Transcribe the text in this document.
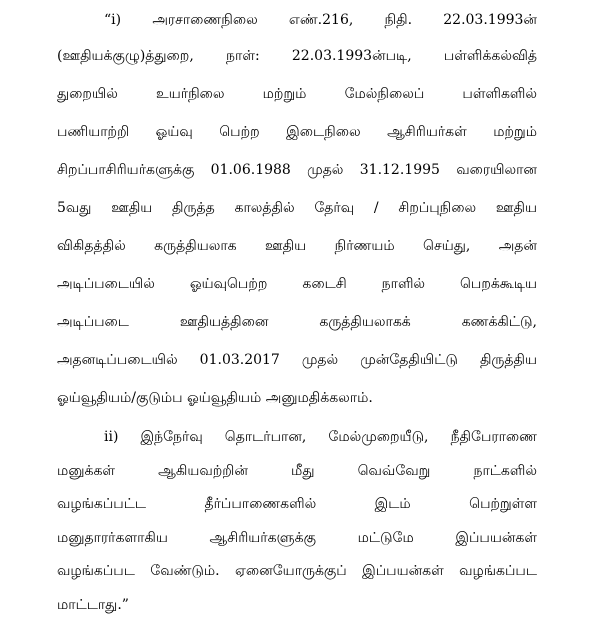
“i) அரசாணைநிலை எண்.216, நிதி. 22.03.1993ன்
(ஊதியக்குழு)த்துறை, நாள்: 22.03.1993ன்படி, பள்ளிக்கல்வித்
துறையில் உயர்நிலை மற்றும் மேல்நிலைப் பள்ளிகளில்
பணியாற்றி ஓய்வு பெற்ற இடைநிலை ஆசிரியர்கள் மற்றும்
சிறப்பாசிரியர்களுக்கு 01.06.1988 முதல் 31.12.1995 வரையிலான
5வது ஊதிய திருத்த காலத்தில் தேர்வு / சிறப்புநிலை ஊதிய
விகிதத்தில் கருத்தியலாக ஊதிய நிர்ணயம் செய்து, அதன்
அடிப்படையில் ஓய்வுபெற்ற கடைசி நாளில் பெறக்கூடிய
அடிப்படை ஊதியத்தினை கருத்தியலாகக் கணக்கிட்டு,
அதனடிப்படையில் 01.03.2017 முதல் முன்தேதியிட்டு திருத்திய
ஓய்வூதியம்/குடும்ப ஓய்வூதியம் அனுமதிக்கலாம்.
ii) இந்நேர்வு தொடர்பான, மேல்முறையீடு, நீதிபேராணை
மனுக்கள் ஆகியவற்றின் மீது வெவ்வேறு நாட்களில்
வழங்கப்பட்ட தீர்ப்பாணைகளில் இடம் பெற்றுள்ள
மனுதாரர்களாகிய ஆசிரியர்களுக்கு மட்டுமே இப்பயன்கள்
வழங்கப்பட வேண்டும். ஏனையோருக்குப் இப்பயன்கள் வழங்கப்பட
மாட்டாது.”
